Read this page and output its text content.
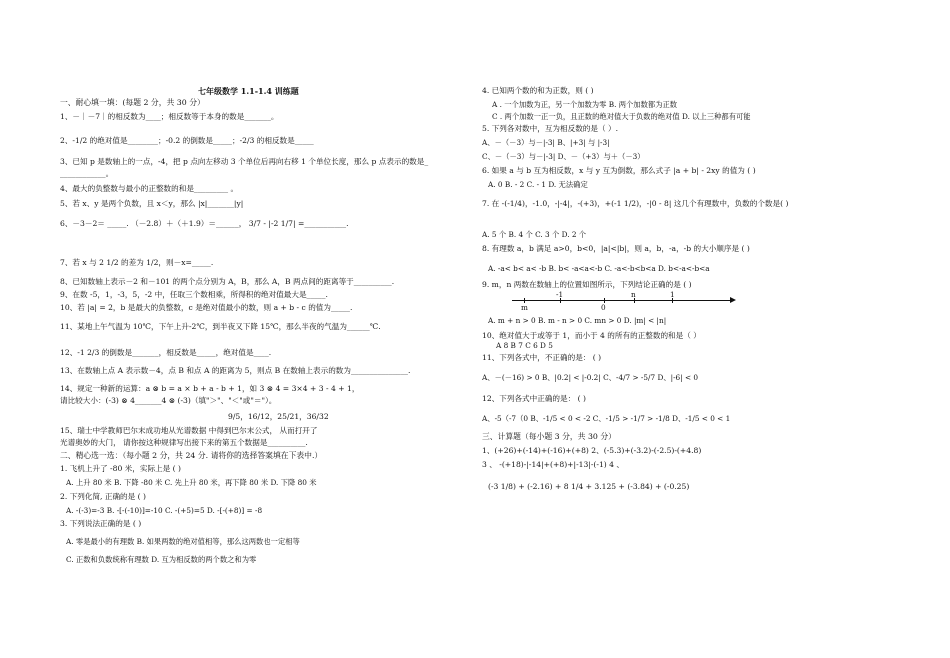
七年级数学 1.1-1.4 训练题
一、耐心填一填：(每题 2 分，共 30 分）
1、－｜－7｜的相反数为____；相反数等于本身的数是_______。
2、-1/2 的绝对值是________；-0.2 的倒数是_____；-2/3 的相反数是_____
3、已知 p 是数轴上的一点，-4，把 p 点向左移动 3 个单位后再向右移 1 个单位长度，那么 p 点表示的数是_
____________。
4、最大的负整数与最小的正整数的和是_________ 。
5、若 x、y 是两个负数，且 x＜y，那么 |x|_______|y|
6、－3－2＝ _____. （－2.8）＋（＋1.9）＝______， 3/7 - |-2 1/7| =___________.
7、若 x 与 2 1/2 的差为 1/2，则－x=_____.
8、已知数轴上表示－2 和－101 的两个点分别为 A，B，那么 A，B 两点间的距离等于__________.
9、在数 -5，1，-3，5，-2 中，任取三个数相乘，所得积的绝对值最大是_____.
10、若 |a| = 2，b 是最大的负整数，c 是绝对值最小的数，则 a + b - c 的值为_____.
11、某地上午气温为 10℃，下午上升-2℃，到半夜又下降 15℃，那么半夜的气温为______℃.
12、-1 2/3 的倒数是_______，相反数是_____，绝对值是____.
13、在数轴上点 A 表示数－4，点 B 和点 A 的距离为 5，则点 B 在数轴上表示的数为_______________.
14、规定一种新的运算：a ⊗ b = a × b + a - b + 1，如 3 ⊗ 4 = 3×4 + 3 - 4 + 1，
请比较大小：(-3) ⊗ 4_______4 ⊗ (-3)（填"＞"、"＜"或"＝"）。
9/5，16/12，25/21，36/32
15、瑞士中学教师巴尔末成功地从光谱数据 中得到巴尔末公式， 从而打开了
光谱奥妙的大门， 请你按这种规律写出接下来的第五个数据是__________.
二、精心选一选：（每小题 2 分，共 24 分. 请将你的选择答案填在下表中.）
1. 飞机上升了 -80 米，实际上是 ( )
A. 上升 80 米 B. 下降 -80 米 C. 先上升 80 米，再下降 80 米 D. 下降 80 米
2. 下列化简, 正确的是 ( )
A. -(-3)=-3 B. -[-(-10)]=-10 C. -(+5)=5 D. -[-(+8)] = -8
3. 下列说法正确的是 ( )
A. 零是最小的有理数 B. 如果两数的绝对值相等，那么这两数也一定相等
C. 正数和负数统称有理数 D. 互为相反数的两个数之和为零
m
-1
0
n	1
4. 已知两个数的和为正数，则 ( )
A . 一个加数为正，另一个加数为零 B. 两个加数都为正数
C . 两个加数一正一负，且正数的绝对值大于负数的绝对值 D. 以上三种都有可能
5. 下列各对数中，互为相反数的是（ ）.
A、－（－3）与－|-3| B、|+3| 与 |-3|
C、－（－3）与－|-3| D、－（+3）与＋（－3）
6. 如果 a 与 b 互为相反数，x 与 y 互为倒数，那么式子 |a + b| - 2xy 的值为 ( )
A. 0 B. - 2 C. - 1 D. 无法确定
7. 在 -(-1/4)，-1.0，-|-4|，-(+3)，+(-1 1/2)，-|0 - 8| 这几个有理数中，负数的个数是( )
A. 5 个 B. 4 个 C. 3 个 D. 2 个
8. 有理数 a，b 满足 a>0，b<0，|a|<|b|，则 a，b，-a，-b 的大小顺序是 ( )
A. -a< b< a< -b B. b< -a<a<-b C. -a<-b<b<a D. b<-a<-b<a
9. m，n 两数在数轴上的位置如图所示，下列结论正确的是 ( )
A. m + n > 0 B. m - n > 0 C. mn > 0 D. |m| < |n|
10、绝对值大于或等于 1，而小于 4 的所有的正整数的和是（ ）
A 8 B 7 C 6 D 5
11、下列各式中，不正确的是： ( )
A、－(－16) > 0 B、|0.2| < |-0.2| C、-4/7 > -5/7 D、|-6| < 0
12、下列各式中正确的是： ( )
A、-5（-7（0 B、-1/5 < 0 < -2 C、-1/5 > -1/7 > -1/8 D、-1/5 < 0 < 1
三、计算题（每小题 3 分，共 30 分）
1、(+26)+(-14)+(-16)+(+8) 2、(-5.3)+(-3.2)-(-2.5)-(+4.8)
3 、 -(+18)-|-14|+(+8)+|-13|-(-1) 4 、
(-3 1/8) + (-2.16) + 8 1/4 + 3.125 + (-3.84) + (-0.25)
